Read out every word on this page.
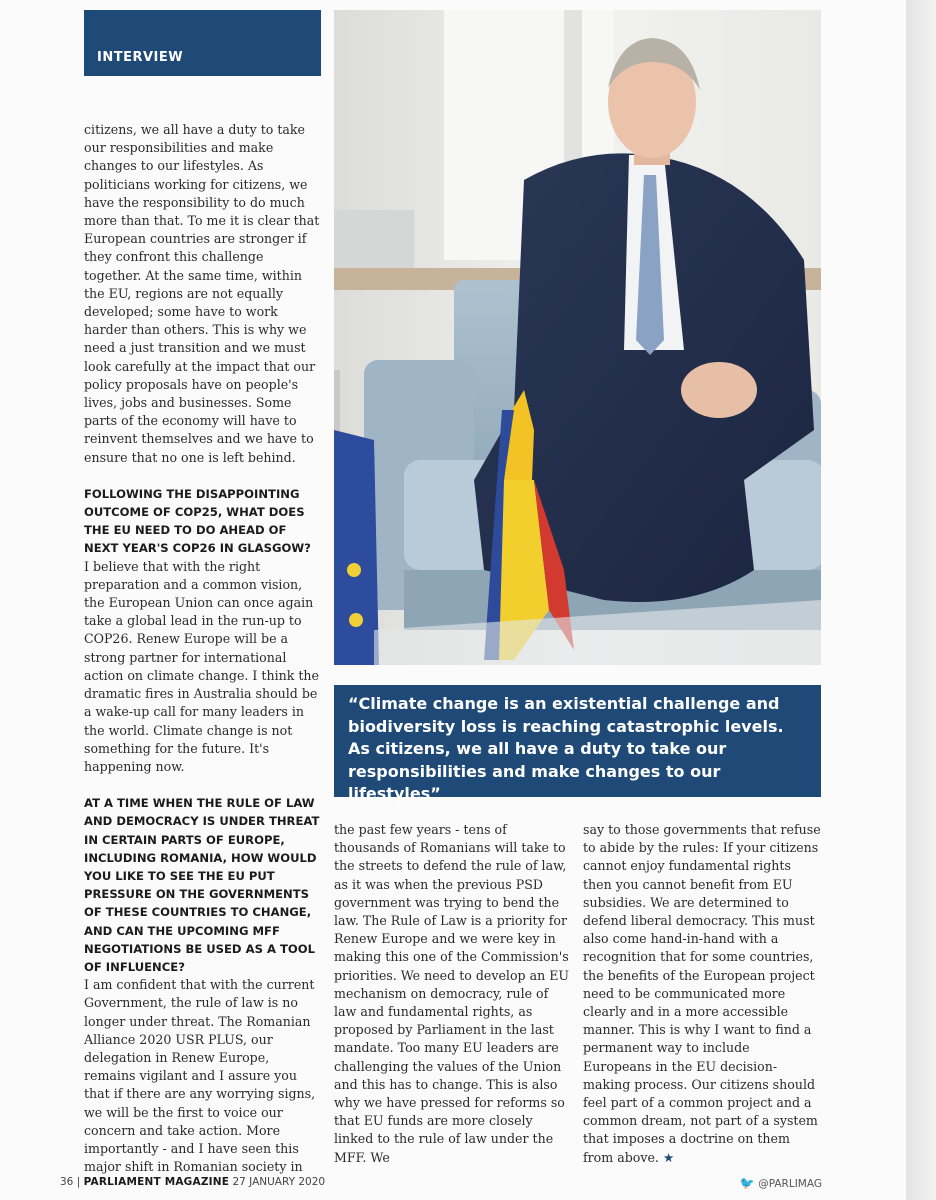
INTERVIEW

citizens, we all have a duty to take our responsibilities and make changes to our lifestyles. As politicians working for citizens, we have the responsibility to do much more than that. To me it is clear that European countries are stronger if they confront this challenge together. At the same time, within the EU, regions are not equally developed; some have to work harder than others. This is why we need a just transition and we must look carefully at the impact that our policy proposals have on people's lives, jobs and businesses. Some parts of the economy will have to reinvent themselves and we have to ensure that no one is left behind.

FOLLOWING THE DISAPPOINTING OUTCOME OF COP25, WHAT DOES THE EU NEED TO DO AHEAD OF NEXT YEAR'S COP26 IN GLASGOW?

I believe that with the right preparation and a common vision, the European Union can once again take a global lead in the run-up to COP26. Renew Europe will be a strong partner for international action on climate change. I think the dramatic fires in Australia should be a wake-up call for many leaders in the world. Climate change is not something for the future. It's happening now.

AT A TIME WHEN THE RULE OF LAW AND DEMOCRACY IS UNDER THREAT IN CERTAIN PARTS OF EUROPE, INCLUDING ROMANIA, HOW WOULD YOU LIKE TO SEE THE EU PUT PRESSURE ON THE GOVERNMENTS OF THESE COUNTRIES TO CHANGE, AND CAN THE UPCOMING MFF NEGOTIATIONS BE USED AS A TOOL OF INFLUENCE?

I am confident that with the current Government, the rule of law is no longer under threat. The Romanian Alliance 2020 USR PLUS, our delegation in Renew Europe, remains vigilant and I assure you that if there are any worrying signs, we will be the first to voice our concern and take action. More importantly - and I have seen this major shift in Romanian society in

“Climate change is an existential challenge and biodiversity loss is reaching catastrophic levels. As citizens, we all have a duty to take our responsibilities and make changes to our lifestyles”

the past few years - tens of thousands of Romanians will take to the streets to defend the rule of law, as it was when the previous PSD government was trying to bend the law. The Rule of Law is a priority for Renew Europe and we were key in making this one of the Commission's priorities. We need to develop an EU mechanism on democracy, rule of law and fundamental rights, as proposed by Parliament in the last mandate. Too many EU leaders are challenging the values of the Union and this has to change. This is also why we have pressed for reforms so that EU funds are more closely linked to the rule of law under the MFF. We

say to those governments that refuse to abide by the rules: If your citizens cannot enjoy fundamental rights then you cannot benefit from EU subsidies. We are determined to defend liberal democracy. This must also come hand-in-hand with a recognition that for some countries, the benefits of the European project need to be communicated more clearly and in a more accessible manner. This is why I want to find a permanent way to include Europeans in the EU decision-making process. Our citizens should feel part of a common project and a common dream, not part of a system that imposes a doctrine on them from above. ★

36 | PARLIAMENT MAGAZINE 27 JANUARY 2020	🐦 @PARLIMAG
